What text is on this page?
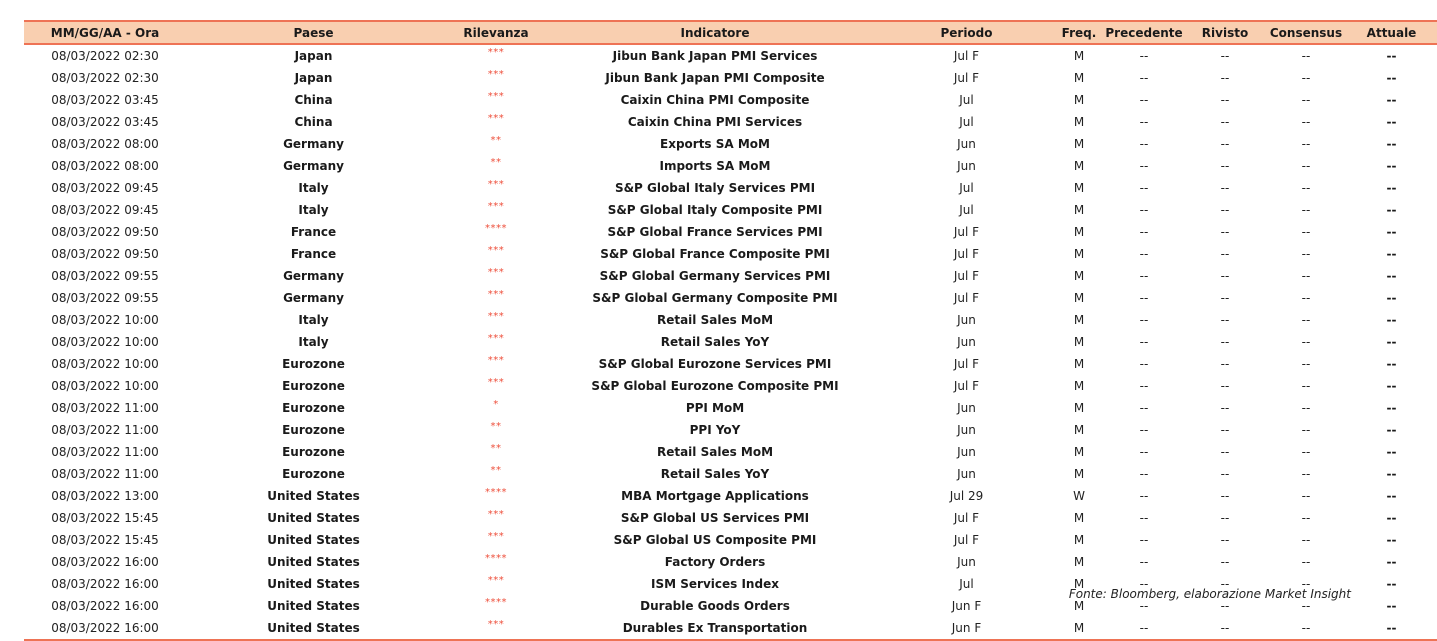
MM/GG/AA - Ora	Paese	Rilevanza	Indicatore	Periodo	Freq.	Precedente	Rivisto	Consensus	Attuale
08/03/2022 02:30	Japan	***	Jibun Bank Japan PMI Services	Jul F	M	--	--	--	--
08/03/2022 02:30	Japan	***	Jibun Bank Japan PMI Composite	Jul F	M	--	--	--	--
08/03/2022 03:45	China	***	Caixin China PMI Composite	Jul	M	--	--	--	--
08/03/2022 03:45	China	***	Caixin China PMI Services	Jul	M	--	--	--	--
08/03/2022 08:00	Germany	**	Exports SA MoM	Jun	M	--	--	--	--
08/03/2022 08:00	Germany	**	Imports SA MoM	Jun	M	--	--	--	--
08/03/2022 09:45	Italy	***	S&P Global Italy Services PMI	Jul	M	--	--	--	--
08/03/2022 09:45	Italy	***	S&P Global Italy Composite PMI	Jul	M	--	--	--	--
08/03/2022 09:50	France	****	S&P Global France Services PMI	Jul F	M	--	--	--	--
08/03/2022 09:50	France	***	S&P Global France Composite PMI	Jul F	M	--	--	--	--
08/03/2022 09:55	Germany	***	S&P Global Germany Services PMI	Jul F	M	--	--	--	--
08/03/2022 09:55	Germany	***	S&P Global Germany Composite PMI	Jul F	M	--	--	--	--
08/03/2022 10:00	Italy	***	Retail Sales MoM	Jun	M	--	--	--	--
08/03/2022 10:00	Italy	***	Retail Sales YoY	Jun	M	--	--	--	--
08/03/2022 10:00	Eurozone	***	S&P Global Eurozone Services PMI	Jul F	M	--	--	--	--
08/03/2022 10:00	Eurozone	***	S&P Global Eurozone Composite PMI	Jul F	M	--	--	--	--
08/03/2022 11:00	Eurozone	*	PPI MoM	Jun	M	--	--	--	--
08/03/2022 11:00	Eurozone	**	PPI YoY	Jun	M	--	--	--	--
08/03/2022 11:00	Eurozone	**	Retail Sales MoM	Jun	M	--	--	--	--
08/03/2022 11:00	Eurozone	**	Retail Sales YoY	Jun	M	--	--	--	--
08/03/2022 13:00	United States	****	MBA Mortgage Applications	Jul 29	W	--	--	--	--
08/03/2022 15:45	United States	***	S&P Global US Services PMI	Jul F	M	--	--	--	--
08/03/2022 15:45	United States	***	S&P Global US Composite PMI	Jul F	M	--	--	--	--
08/03/2022 16:00	United States	****	Factory Orders	Jun	M	--	--	--	--
08/03/2022 16:00	United States	***	ISM Services Index	Jul	M	--	--	--	--
08/03/2022 16:00	United States	****	Durable Goods Orders	Jun F	M	--	--	--	--
08/03/2022 16:00	United States	***	Durables Ex Transportation	Jun F	M	--	--	--	--
Fonte: Bloomberg, elaborazione Market Insight
